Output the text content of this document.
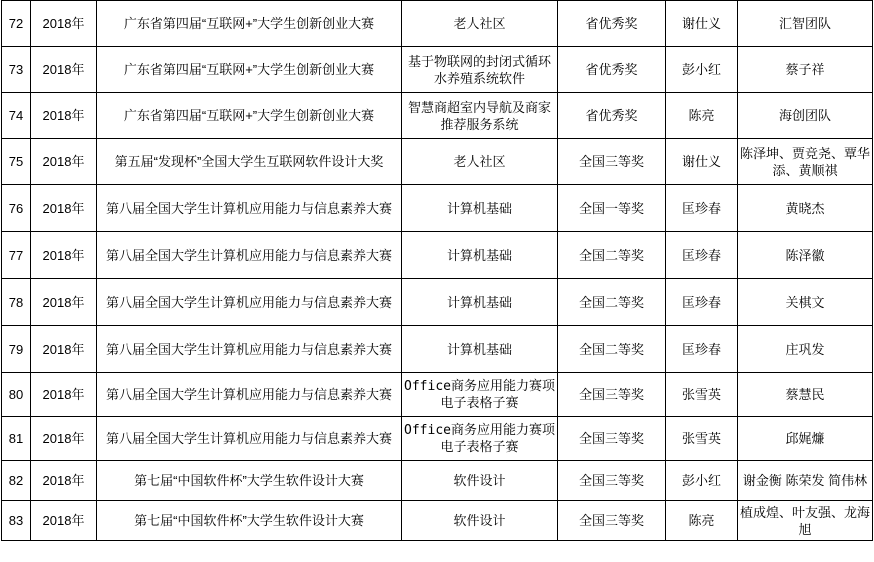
72	2018年	广东省第四届“互联网+”大学生创新创业大赛	老人社区	省优秀奖	谢仕义	汇智团队
73	2018年	广东省第四届“互联网+”大学生创新创业大赛	基于物联网的封闭式循环水养殖系统软件	省优秀奖	彭小红	蔡子祥
74	2018年	广东省第四届“互联网+”大学生创新创业大赛	智慧商超室内导航及商家推荐服务系统	省优秀奖	陈亮	海创团队
75	2018年	第五届“发现杯”全国大学生互联网软件设计大奖	老人社区	全国三等奖	谢仕义	陈泽坤、贾竞尧、覃华添、黄顺祺
76	2018年	第八届全国大学生计算机应用能力与信息素养大赛	计算机基础	全国一等奖	匡珍春	黄晓杰
77	2018年	第八届全国大学生计算机应用能力与信息素养大赛	计算机基础	全国二等奖	匡珍春	陈泽徽
78	2018年	第八届全国大学生计算机应用能力与信息素养大赛	计算机基础	全国二等奖	匡珍春	关棋文
79	2018年	第八届全国大学生计算机应用能力与信息素养大赛	计算机基础	全国二等奖	匡珍春	庄巩发
80	2018年	第八届全国大学生计算机应用能力与信息素养大赛	Office商务应用能力赛项电子表格子赛	全国三等奖	张雪英	蔡慧民
81	2018年	第八届全国大学生计算机应用能力与信息素养大赛	Office商务应用能力赛项电子表格子赛	全国三等奖	张雪英	邱娓燫
82	2018年	第七届“中国软件杯”大学生软件设计大赛	软件设计	全国三等奖	彭小红	谢金衡 陈荣发 简伟林
83	2018年	第七届“中国软件杯”大学生软件设计大赛	软件设计	全国三等奖	陈亮	植成煌、叶友强、龙海旭
